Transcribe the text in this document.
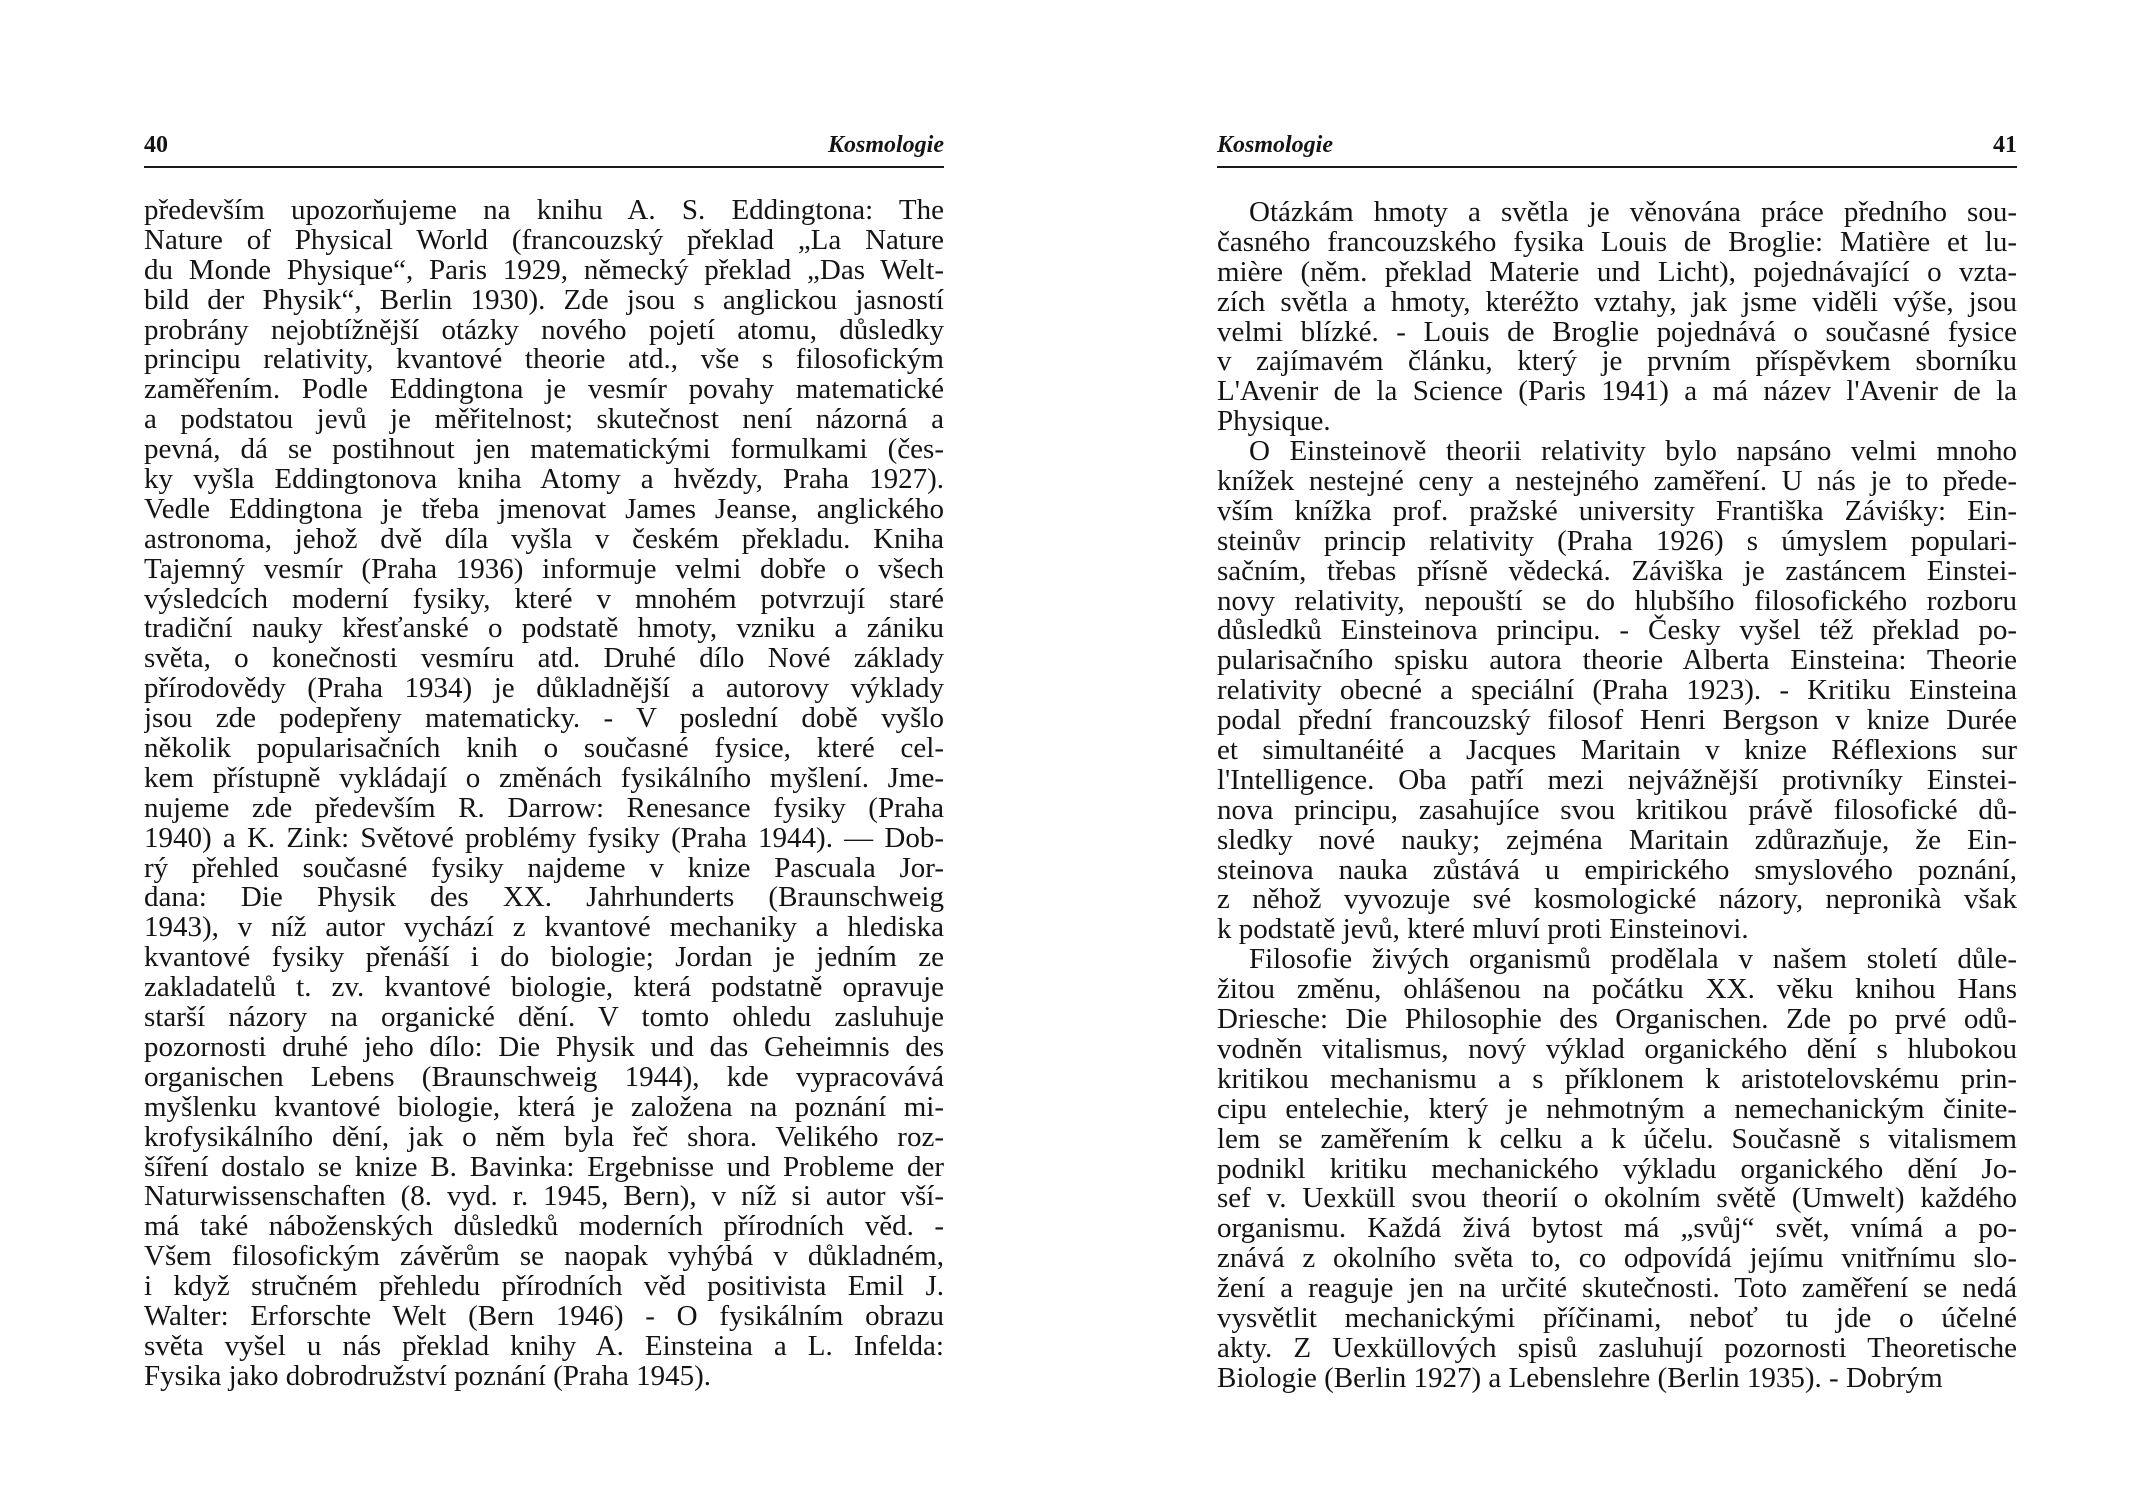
40	Kosmologie
především upozorňujeme na knihu A. S. Eddingtona: The
Nature of Physical World (francouzský překlad „La Nature
du Monde Physique“, Paris 1929, německý překlad „Das Welt-
bild der Physik“, Berlin 1930). Zde jsou s anglickou jasností
probrány nejobtížnější otázky nového pojetí atomu, důsledky
principu relativity, kvantové theorie atd., vše s filosofickým
zaměřením. Podle Eddingtona je vesmír povahy matematické
a podstatou jevů je měřitelnost; skutečnost není názorná a
pevná, dá se postihnout jen matematickými formulkami (čes-
ky vyšla Eddingtonova kniha Atomy a hvězdy, Praha 1927).
Vedle Eddingtona je třeba jmenovat James Jeanse, anglického
astronoma, jehož dvě díla vyšla v českém překladu. Kniha
Tajemný vesmír (Praha 1936) informuje velmi dobře o všech
výsledcích moderní fysiky, které v mnohém potvrzují staré
tradiční nauky křesťanské o podstatě hmoty, vzniku a zániku
světa, o konečnosti vesmíru atd. Druhé dílo Nové základy
přírodovědy (Praha 1934) je důkladnější a autorovy výklady
jsou zde podepřeny matematicky. - V poslední době vyšlo
několik popularisačních knih o současné fysice, které cel-
kem přístupně vykládají o změnách fysikálního myšlení. Jme-
nujeme zde především R. Darrow: Renesance fysiky (Praha
1940) a K. Zink: Světové problémy fysiky (Praha 1944). — Dob-
rý přehled současné fysiky najdeme v knize Pascuala Jor-
dana: Die Physik des XX. Jahrhunderts (Braunschweig
1943), v níž autor vychází z kvantové mechaniky a hlediska
kvantové fysiky přenáší i do biologie; Jordan je jedním ze
zakladatelů t. zv. kvantové biologie, která podstatně opravuje
starší názory na organické dění. V tomto ohledu zasluhuje
pozornosti druhé jeho dílo: Die Physik und das Geheimnis des
organischen Lebens (Braunschweig 1944), kde vypracovává
myšlenku kvantové biologie, která je založena na poznání mi-
krofysikálního dění, jak o něm byla řeč shora. Velikého roz-
šíření dostalo se knize B. Bavinka: Ergebnisse und Probleme der
Naturwissenschaften (8. vyd. r. 1945, Bern), v níž si autor vší-
má také náboženských důsledků moderních přírodních věd. -
Všem filosofickým závěrům se naopak vyhýbá v důkladném,
i když stručném přehledu přírodních věd positivista Emil J.
Walter: Erforschte Welt (Bern 1946) - O fysikálním obrazu
světa vyšel u nás překlad knihy A. Einsteina a L. Infelda:
Fysika jako dobrodružství poznání (Praha 1945).
Kosmologie	41
Otázkám hmoty a světla je věnována práce předního sou-
časného francouzského fysika Louis de Broglie: Matière et lu-
mière (něm. překlad Materie und Licht), pojednávající o vzta-
zích světla a hmoty, kteréžto vztahy, jak jsme viděli výše, jsou
velmi blízké. - Louis de Broglie pojednává o současné fysice
v zajímavém článku, který je prvním příspěvkem sborníku
L'Avenir de la Science (Paris 1941) a má název l'Avenir de la
Physique.
O Einsteinově theorii relativity bylo napsáno velmi mnoho
knížek nestejné ceny a nestejného zaměření. U nás je to přede-
vším knížka prof. pražské university Františka Záviśky: Ein-
steinův princip relativity (Praha 1926) s úmyslem populari-
sačním, třebas přísně vědecká. Záviška je zastáncem Einstei-
novy relativity, nepouští se do hlubšího filosofického rozboru
důsledků Einsteinova principu. - Česky vyšel též překlad po-
pularisačního spisku autora theorie Alberta Einsteina: Theorie
relativity obecné a speciální (Praha 1923). - Kritiku Einsteina
podal přední francouzský filosof Henri Bergson v knize Durée
et simultanéité a Jacques Maritain v knize Réflexions sur
l'Intelligence. Oba patří mezi nejvážnější protivníky Einstei-
nova principu, zasahujíce svou kritikou právě filosofické dů-
sledky nové nauky; zejména Maritain zdůrazňuje, že Ein-
steinova nauka zůstává u empirického smyslového poznání,
z něhož vyvozuje své kosmologické názory, nepronikà však
k podstatě jevů, které mluví proti Einsteinovi.
Filosofie živých organismů prodělala v našem století důle-
žitou změnu, ohlášenou na počátku XX. věku knihou Hans
Driesche: Die Philosophie des Organischen. Zde po prvé odů-
vodněn vitalismus, nový výklad organického dění s hlubokou
kritikou mechanismu a s příklonem k aristotelovskému prin-
cipu entelechie, který je nehmotným a nemechanickým činite-
lem se zaměřením k celku a k účelu. Současně s vitalismem
podnikl kritiku mechanického výkladu organického dění Jo-
sef v. Uexküll svou theorií o okolním světě (Umwelt) každého
organismu. Každá živá bytost má „svůj“ svět, vnímá a po-
znává z okolního světa to, co odpovídá jejímu vnitřnímu slo-
žení a reaguje jen na určité skutečnosti. Toto zaměření se nedá
vysvětlit mechanickými příčinami, neboť tu jde o účelné
akty. Z Uexküllových spisů zasluhují pozornosti Theoretische
Biologie (Berlin 1927) a Lebenslehre (Berlin 1935). - Dobrým
